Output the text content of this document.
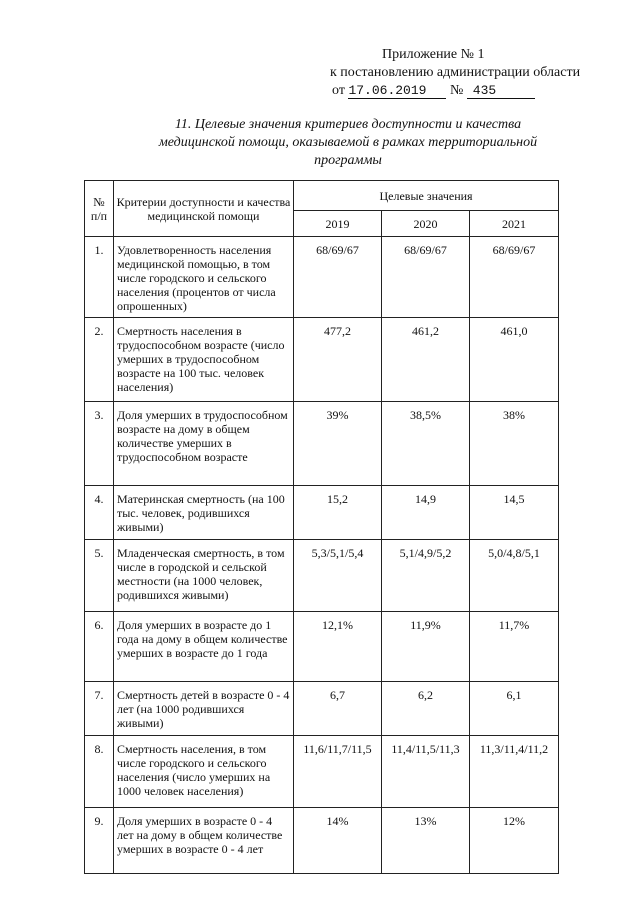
Приложение № 1
к постановлению администрации области
от 17.06.2019 № 435
11. Целевые значения критериев доступности и качества
медицинской помощи, оказываемой в рамках территориальной
программы
№ п/п	Критерии доступности и качества медицинской помощи	Целевые значения		
		2019	2020	2021
1.	Удовлетворенность населения медицинской помощью, в том числе городского и сельского населения (процентов от числа опрошенных)	68/69/67	68/69/67	68/69/67
2.	Смертность населения в трудоспособном возрасте (число умерших в трудоспособном возрасте на 100 тыс. человек населения)	477,2	461,2	461,0
3.	Доля умерших в трудоспособном возрасте на дому в общем количестве умерших в трудоспособном возрасте	39%	38,5%	38%
4.	Материнская смертность (на 100 тыс. человек, родившихся живыми)	15,2	14,9	14,5
5.	Младенческая смертность, в том числе в городской и сельской местности (на 1000 человек, родившихся живыми)	5,3/5,1/5,4	5,1/4,9/5,2	5,0/4,8/5,1
6.	Доля умерших в возрасте до 1 года на дому в общем количестве умерших в возрасте до 1 года	12,1%	11,9%	11,7%
7.	Смертность детей в возрасте 0 - 4 лет (на 1000 родившихся живыми)	6,7	6,2	6,1
8.	Смертность населения, в том числе городского и сельского населения (число умерших на 1000 человек населения)	11,6/11,7/11,5	11,4/11,5/11,3	11,3/11,4/11,2
9.	Доля умерших в возрасте 0 - 4 лет на дому в общем количестве умерших в возрасте 0 - 4 лет	14%	13%	12%
